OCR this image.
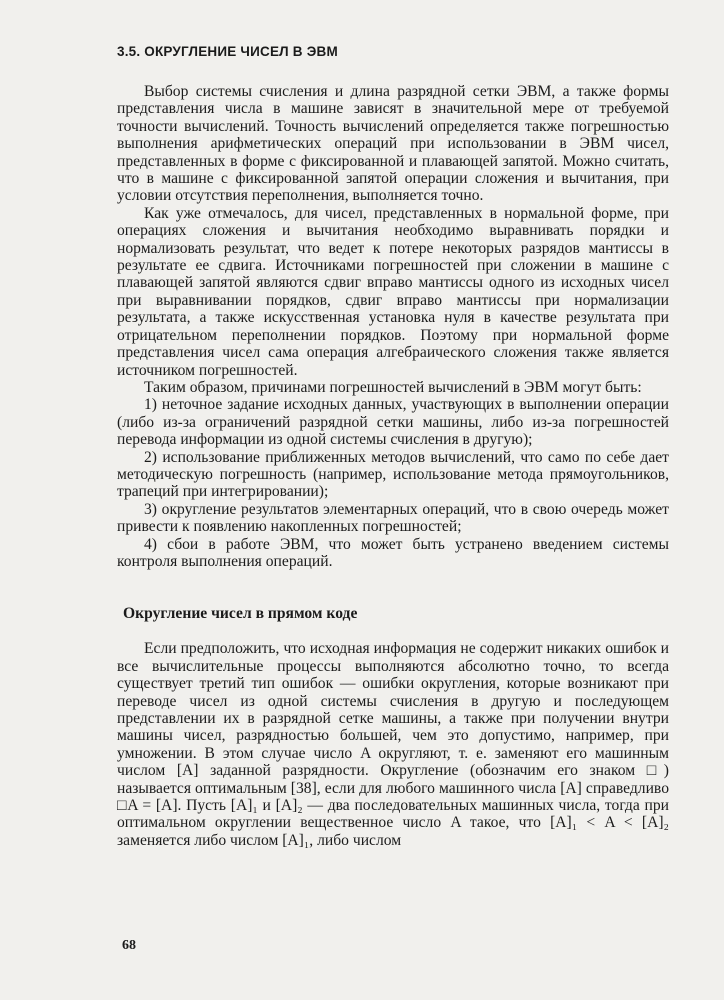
3.5. ОКРУГЛЕНИЕ ЧИСЕЛ В ЭВМ

Выбор системы счисления и длина разрядной сетки ЭВМ, а также формы представления числа в машине зависят в значительной мере от требуемой точности вычислений. Точность вычислений определяется также погрешностью выполнения арифметических операций при использовании в ЭВМ чисел, представленных в форме с фиксированной и плавающей запятой. Можно считать, что в машине с фиксированной запятой операции сложения и вычитания, при условии отсутствия переполнения, выполняется точно.

Как уже отмечалось, для чисел, представленных в нормальной форме, при операциях сложения и вычитания необходимо выравнивать порядки и нормализовать результат, что ведет к потере некоторых разрядов мантиссы в результате ее сдвига. Источниками погрешностей при сложении в машине с плавающей запятой являются сдвиг вправо мантиссы одного из исходных чисел при выравнивании порядков, сдвиг вправо мантиссы при нормализации результата, а также искусственная установка нуля в качестве результата при отрицательном переполнении порядков. Поэтому при нормальной форме представления чисел сама операция алгебраического сложения также является источником погрешностей.

Таким образом, причинами погрешностей вычислений в ЭВМ могут быть:

1) неточное задание исходных данных, участвующих в выполнении операции (либо из-за ограничений разрядной сетки машины, либо из-за погрешностей перевода информации из одной системы счисления в другую);

2) использование приближенных методов вычислений, что само по себе дает методическую погрешность (например, использование метода прямоугольников, трапеций при интегрировании);

3) округление результатов элементарных операций, что в свою очередь может привести к появлению накопленных погрешностей;

4) сбои в работе ЭВМ, что может быть устранено введением системы контроля выполнения операций.

Округление чисел в прямом коде

Если предположить, что исходная информация не содержит никаких ошибок и все вычислительные процессы выполняются абсолютно точно, то всегда существует третий тип ошибок — ошибки округления, которые возникают при переводе чисел из одной системы счисления в другую и последующем представлении их в разрядной сетке машины, а также при получении внутри машины чисел, разрядностью большей, чем это допустимо, например, при умножении. В этом случае число A округляют, т. е. заменяют его машинным числом [A] заданной разрядности. Округление (обозначим его знаком □) называется оптимальным [38], если для любого машинного числа [A] справедливо □A = [A]. Пусть [A]₁ и [A]₂ — два последовательных машинных числа, тогда при оптимальном округлении вещественное число A такое, что [A]₁ < A < [A]₂ заменяется либо числом [A]₁, либо числом

68
